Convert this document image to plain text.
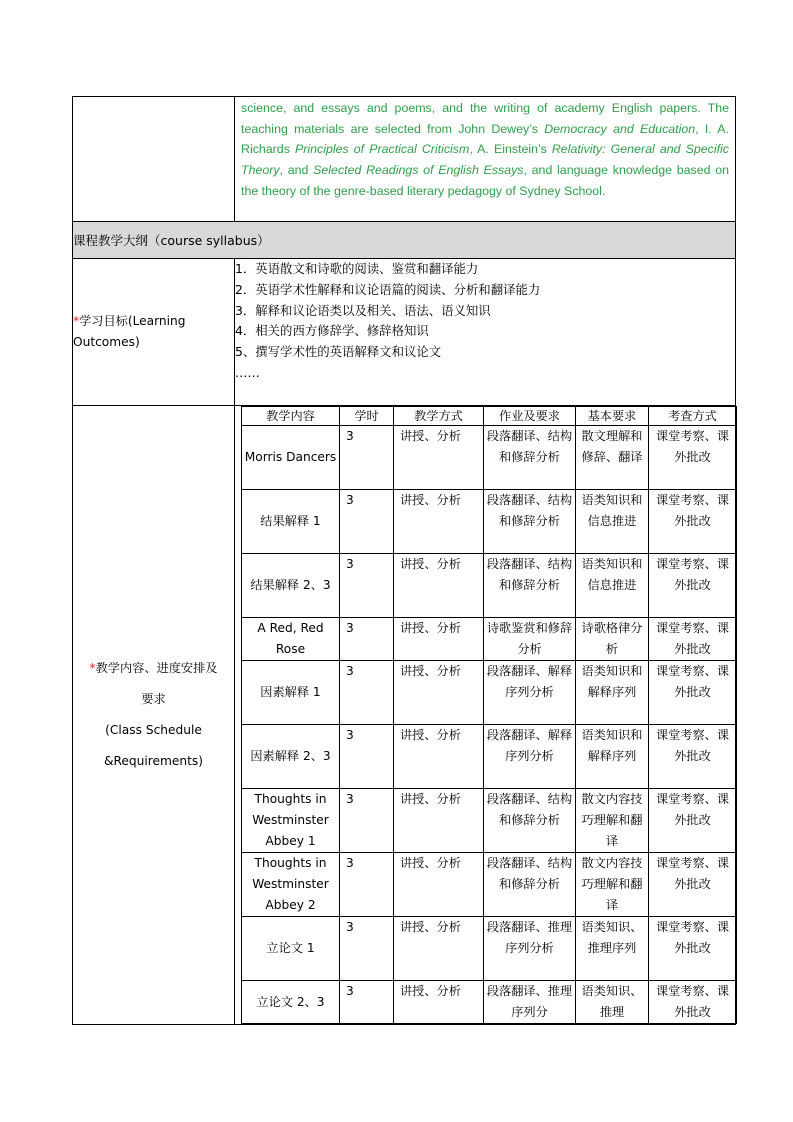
science, and essays and poems, and the writing of academy English papers. The teaching materials are selected from John Dewey’s Democracy and Education, I. A. Richards Principles of Practical Criticism, A. Einstein’s Relativity: General and Specific Theory, and Selected Readings of English Essays, and language knowledge based on the theory of the genre-based literary pedagogy of Sydney School.

课程教学大纲（course syllabus）
*学习目标(Learning Outcomes)	
1．英语散文和诗歌的阅读、鉴赏和翻译能力
2．英语学术性解释和议论语篇的阅读、分析和翻译能力
3．解释和议论语类以及相关、语法、语义知识
4．相关的西方修辞学、修辞格知识
5、撰写学术性的英语解释文和议论文
……

*教学内容、进度安排及
要求
(Class Schedule
&Requirements)

教学内容	学时	教学方式	作业及要求	基本要求	考查方式
Morris Dancers	3	讲授、分析	段落翻译、结构和修辞分析	散文理解和修辞、翻译	课堂考察、课外批改
结果解释 1	3	讲授、分析	段落翻译、结构和修辞分析	语类知识和信息推进	课堂考察、课外批改
结果解释 2、3	3	讲授、分析	段落翻译、结构和修辞分析	语类知识和信息推进	课堂考察、课外批改
A Red, Red Rose	3	讲授、分析	诗歌鉴赏和修辞分析	诗歌格律分析	课堂考察、课外批改
因素解释 1	3	讲授、分析	段落翻译、解释序列分析	语类知识和解释序列	课堂考察、课外批改
因素解释 2、3	3	讲授、分析	段落翻译、解释序列分析	语类知识和解释序列	课堂考察、课外批改
Thoughts in Westminster Abbey 1	3	讲授、分析	段落翻译、结构和修辞分析	散文内容技巧理解和翻译	课堂考察、课外批改
Thoughts in Westminster Abbey 2	3	讲授、分析	段落翻译、结构和修辞分析	散文内容技巧理解和翻译	课堂考察、课外批改
立论文 1	3	讲授、分析	段落翻译、推理序列分析	语类知识、推理序列	课堂考察、课外批改
立论文 2、3	3	讲授、分析	段落翻译、推理序列分	语类知识、推理	课堂考察、课外批改
